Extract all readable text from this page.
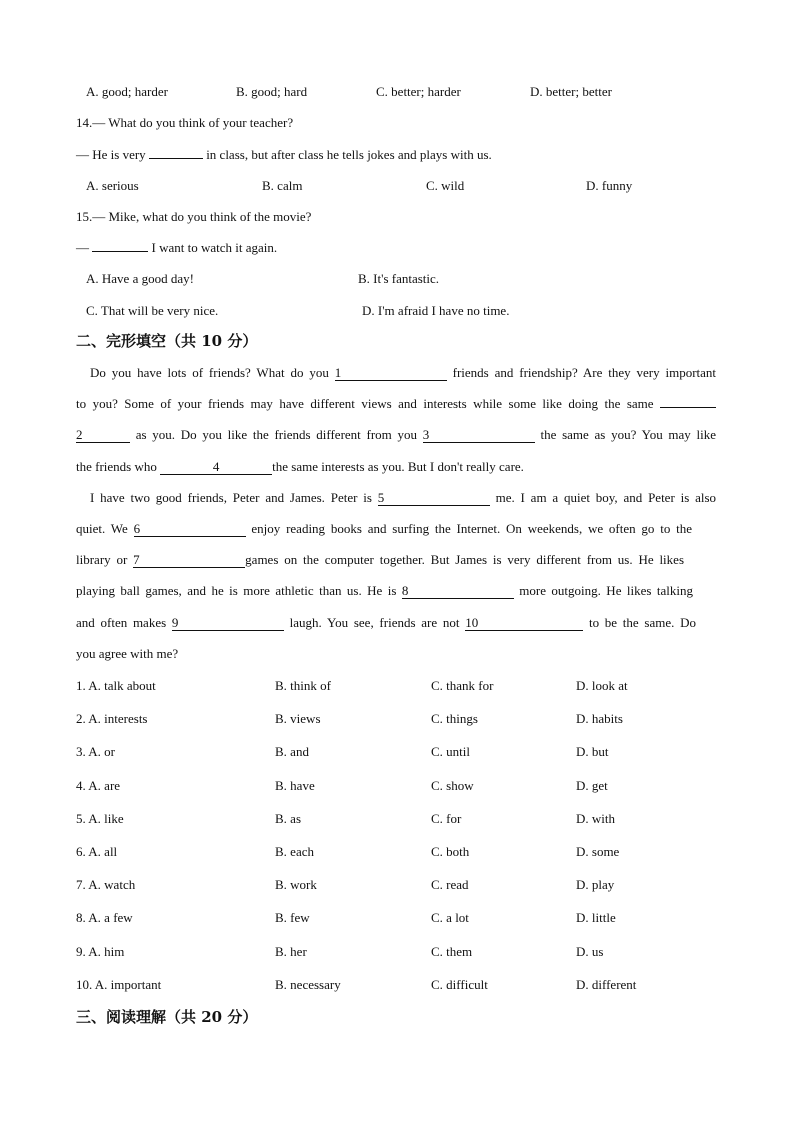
A. good; harder	B. good; hard	C. better; harder	D. better; better
14.— What do you think of your teacher?
— He is very	in class, but after class he tells jokes and plays with us.
A. serious	B. calm	C. wild	D. funny
15.— Mike, what do you think of the movie?
—	I want to watch it again.
A. Have a good day!	B. It's fantastic.
C. That will be very nice.	D. I'm afraid I have no time.
二、完形填空（共 10 分）
Do you have lots of friends? What do you 1	friends and friendship? Are they very important
to you? Some of your friends may have different views and interests while some like doing the same
2	as you. Do you like the friends different from you 3	the same as you? You may like
the friends who	4	the same interests as you. But I don't really care.
I have two good friends, Peter and James. Peter is 5	me. I am a quiet boy, and Peter is also
quiet. We 6	enjoy reading books and surfing the Internet. On weekends, we often go to the
library or 7	games on the computer together. But James is very different from us. He likes
playing ball games, and he is more athletic than us. He is 8	more outgoing. He likes talking
and often makes 9	laugh. You see, friends are not 10	to be the same. Do
you agree with me?
1. A. talk about	B. think of	C. thank for	D. look at
2. A. interests	B. views	C. things	D. habits
3. A. or	B. and	C. until	D. but
4. A. are	B. have	C. show	D. get
5. A. like	B. as	C. for	D. with
6. A. all	B. each	C. both	D. some
7. A. watch	B. work	C. read	D. play
8. A. a few	B. few	C. a lot	D. little
9. A. him	B. her	C. them	D. us
10. A. important	B. necessary	C. difficult	D. different
三、阅读理解（共 20 分）
